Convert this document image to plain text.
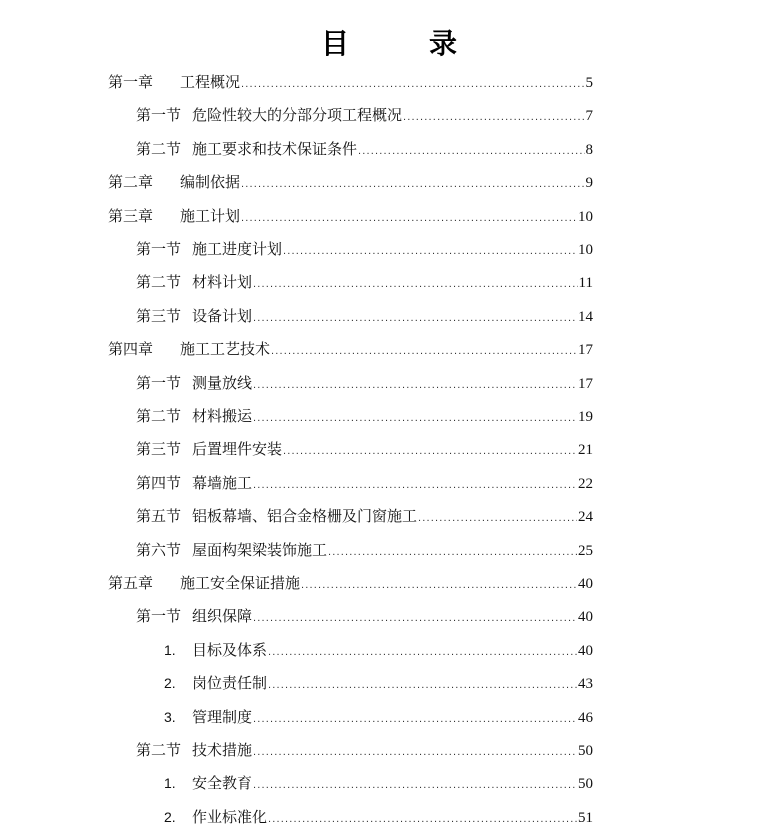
目　录
第一章	工程概况 .....	5
第一节 危险性较大的分部分项工程概况 .....	7
第二节 施工要求和技术保证条件 .....	8
第二章	编制依据 .....	9
第三章	施工计划 .....	10
第一节 施工进度计划 .....	10
第二节 材料计划 .....	11
第三节 设备计划 .....	14
第四章	施工工艺技术 .....	17
第一节 测量放线 .....	17
第二节 材料搬运 .....	19
第三节 后置埋件安装 .....	21
第四节 幕墙施工 .....	22
第五节 铝板幕墙、铝合金格栅及门窗施工 .....	24
第六节 屋面构架梁装饰施工 .....	25
第五章	施工安全保证措施 .....	40
第一节 组织保障 .....	40
1.	目标及体系 .....	40
2.	岗位责任制 .....	43
3.	管理制度 .....	46
第二节 技术措施 .....	50
1.	安全教育 .....	50
2.	作业标准化 .....	51
